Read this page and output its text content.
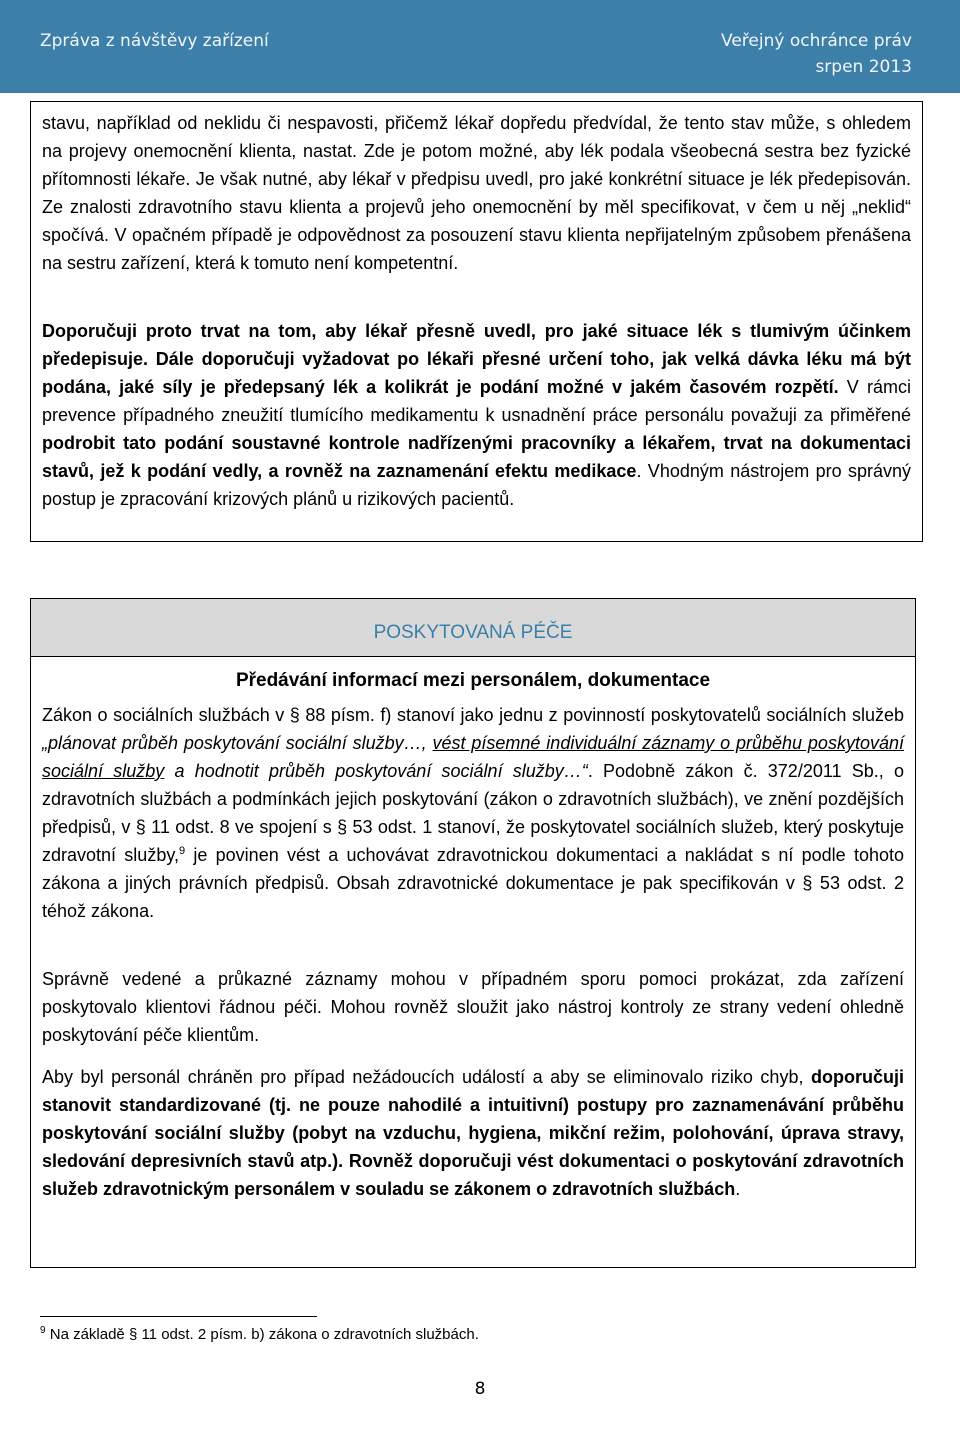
Zpráva z návštěvy zařízení	Veřejný ochránce práv
srpen 2013

stavu, například od neklidu či nespavosti, přičemž lékař dopředu předvídal, že tento stav může, s ohledem na projevy onemocnění klienta, nastat. Zde je potom možné, aby lék podala všeobecná sestra bez fyzické přítomnosti lékaře. Je však nutné, aby lékař v předpisu uvedl, pro jaké konkrétní situace je lék předepisován. Ze znalosti zdravotního stavu klienta a projevů jeho onemocnění by měl specifikovat, v čem u něj „neklid“ spočívá. V opačném případě je odpovědnost za posouzení stavu klienta nepřijatelným způsobem přenášena na sestru zařízení, která k tomuto není kompetentní.

Doporučuji proto trvat na tom, aby lékař přesně uvedl, pro jaké situace lék s tlumivým účinkem předepisuje. Dále doporučuji vyžadovat po lékaři přesné určení toho, jak velká dávka léku má být podána, jaké síly je předepsaný lék a kolikrát je podání možné v jakém časovém rozpětí. V rámci prevence případného zneužití tlumícího medikamentu k usnadnění práce personálu považuji za přiměřené podrobit tato podání soustavné kontrole nadřízenými pracovníky a lékařem, trvat na dokumentaci stavů, jež k podání vedly, a rovněž na zaznamenání efektu medikace. Vhodným nástrojem pro správný postup je zpracování krizových plánů u rizikových pacientů.

POSKYTOVANÁ PÉČE
Předávání informací mezi personálem, dokumentace

Zákon o sociálních službách v § 88 písm. f) stanoví jako jednu z povinností poskytovatelů sociálních služeb „plánovat průběh poskytování sociální služby…, vést písemné individuální záznamy o průběhu poskytování sociální služby a hodnotit průběh poskytování sociální služby…“. Podobně zákon č. 372/2011 Sb., o zdravotních službách a podmínkách jejich poskytování (zákon o zdravotních službách), ve znění pozdějších předpisů, v § 11 odst. 8 ve spojení s § 53 odst. 1 stanoví, že poskytovatel sociálních služeb, který poskytuje zdravotní služby,$^9$ je povinen vést a uchovávat zdravotnickou dokumentaci a nakládat s ní podle tohoto zákona a jiných právních předpisů. Obsah zdravotnické dokumentace je pak specifikován v § 53 odst. 2 téhož zákona.

Správně vedené a průkazné záznamy mohou v případném sporu pomoci prokázat, zda zařízení poskytovalo klientovi řádnou péči. Mohou rovněž sloužit jako nástroj kontroly ze strany vedení ohledně poskytování péče klientům.

Aby byl personál chráněn pro případ nežádoucích událostí a aby se eliminovalo riziko chyb, doporučuji stanovit standardizované (tj. ne pouze nahodilé a intuitivní) postupy pro zaznamenávání průběhu poskytování sociální služby (pobyt na vzduchu, hygiena, mikční režim, polohování, úprava stravy, sledování depresivních stavů atp.). Rovněž doporučuji vést dokumentaci o poskytování zdravotních služeb zdravotnickým personálem v souladu se zákonem o zdravotních službách.

$^9$ Na základě § 11 odst. 2 písm. b) zákona o zdravotních službách.
8
